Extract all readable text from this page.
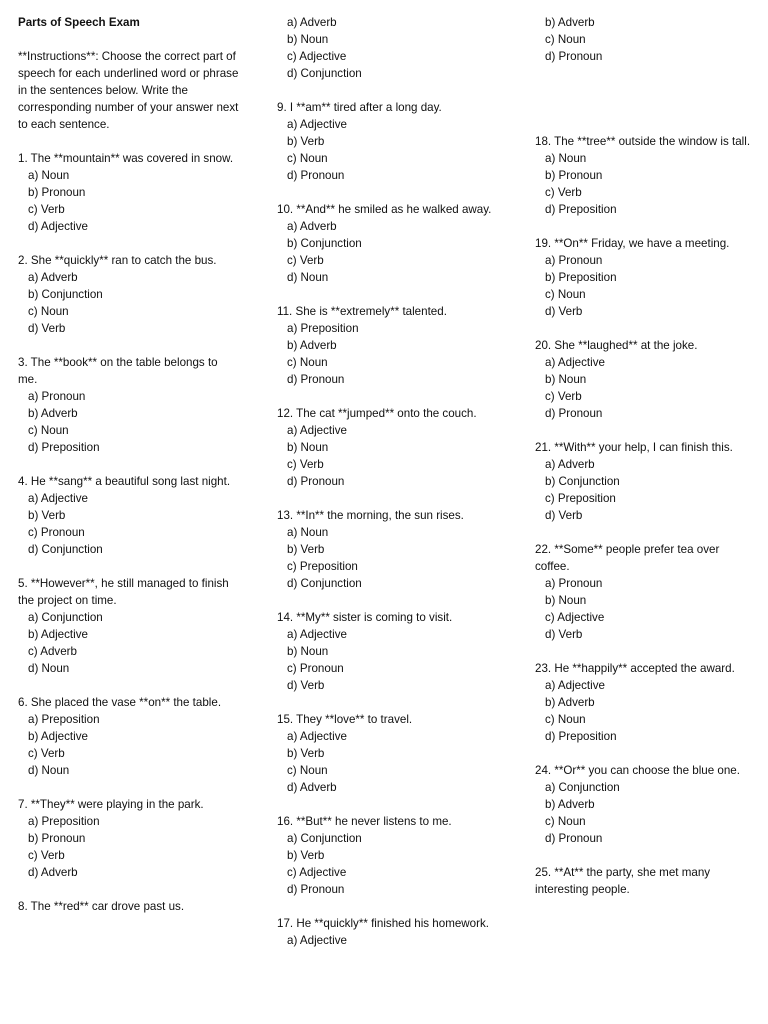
Parts of Speech Exam
**Instructions**: Choose the correct part of speech for each underlined word or phrase in the sentences below. Write the corresponding number of your answer next to each sentence.

1. The **mountain** was covered in snow.

a) Noun
b) Pronoun
c) Verb
d) Adjective

2. She **quickly** ran to catch the bus.

a) Adverb
b) Conjunction
c) Noun
d) Verb

3. The **book** on the table belongs to me.

a) Pronoun
b) Adverb
c) Noun
d) Preposition

4. He **sang** a beautiful song last night.

a) Adjective
b) Verb
c) Pronoun
d) Conjunction

5. **However**, he still managed to finish the project on time.

a) Conjunction
b) Adjective
c) Adverb
d) Noun

6. She placed the vase **on** the table.

a) Preposition
b) Adjective
c) Verb
d) Noun

7. **They** were playing in the park.

a) Preposition
b) Pronoun
c) Verb
d) Adverb

8. The **red** car drove past us.

a) Adverb
b) Noun
c) Adjective
d) Conjunction

9. I **am** tired after a long day.

a) Adjective
b) Verb
c) Noun
d) Pronoun

10. **And** he smiled as he walked away.

a) Adverb
b) Conjunction
c) Verb
d) Noun

11. She is **extremely** talented.

a) Preposition
b) Adverb
c) Noun
d) Pronoun

12. The cat **jumped** onto the couch.

a) Adjective
b) Noun
c) Verb
d) Pronoun

13. **In** the morning, the sun rises.

a) Noun
b) Verb
c) Preposition
d) Conjunction

14. **My** sister is coming to visit.

a) Adjective
b) Noun
c) Pronoun
d) Verb

15. They **love** to travel.

a) Adjective
b) Verb
c) Noun
d) Adverb

16. **But** he never listens to me.

a) Conjunction
b) Verb
c) Adjective
d) Pronoun

17. He **quickly** finished his homework.

a) Adjective
b) Adverb
c) Noun
d) Pronoun

18. The **tree** outside the window is tall.

a) Noun
b) Pronoun
c) Verb
d) Preposition

19. **On** Friday, we have a meeting.

a) Pronoun
b) Preposition
c) Noun
d) Verb

20. She **laughed** at the joke.

a) Adjective
b) Noun
c) Verb
d) Pronoun

21. **With** your help, I can finish this.

a) Adverb
b) Conjunction
c) Preposition
d) Verb

22. **Some** people prefer tea over coffee.

a) Pronoun
b) Noun
c) Adjective
d) Verb

23. He **happily** accepted the award.

a) Adjective
b) Adverb
c) Noun
d) Preposition

24. **Or** you can choose the blue one.

a) Conjunction
b) Adverb
c) Noun
d) Pronoun

25. **At** the party, she met many interesting people.
